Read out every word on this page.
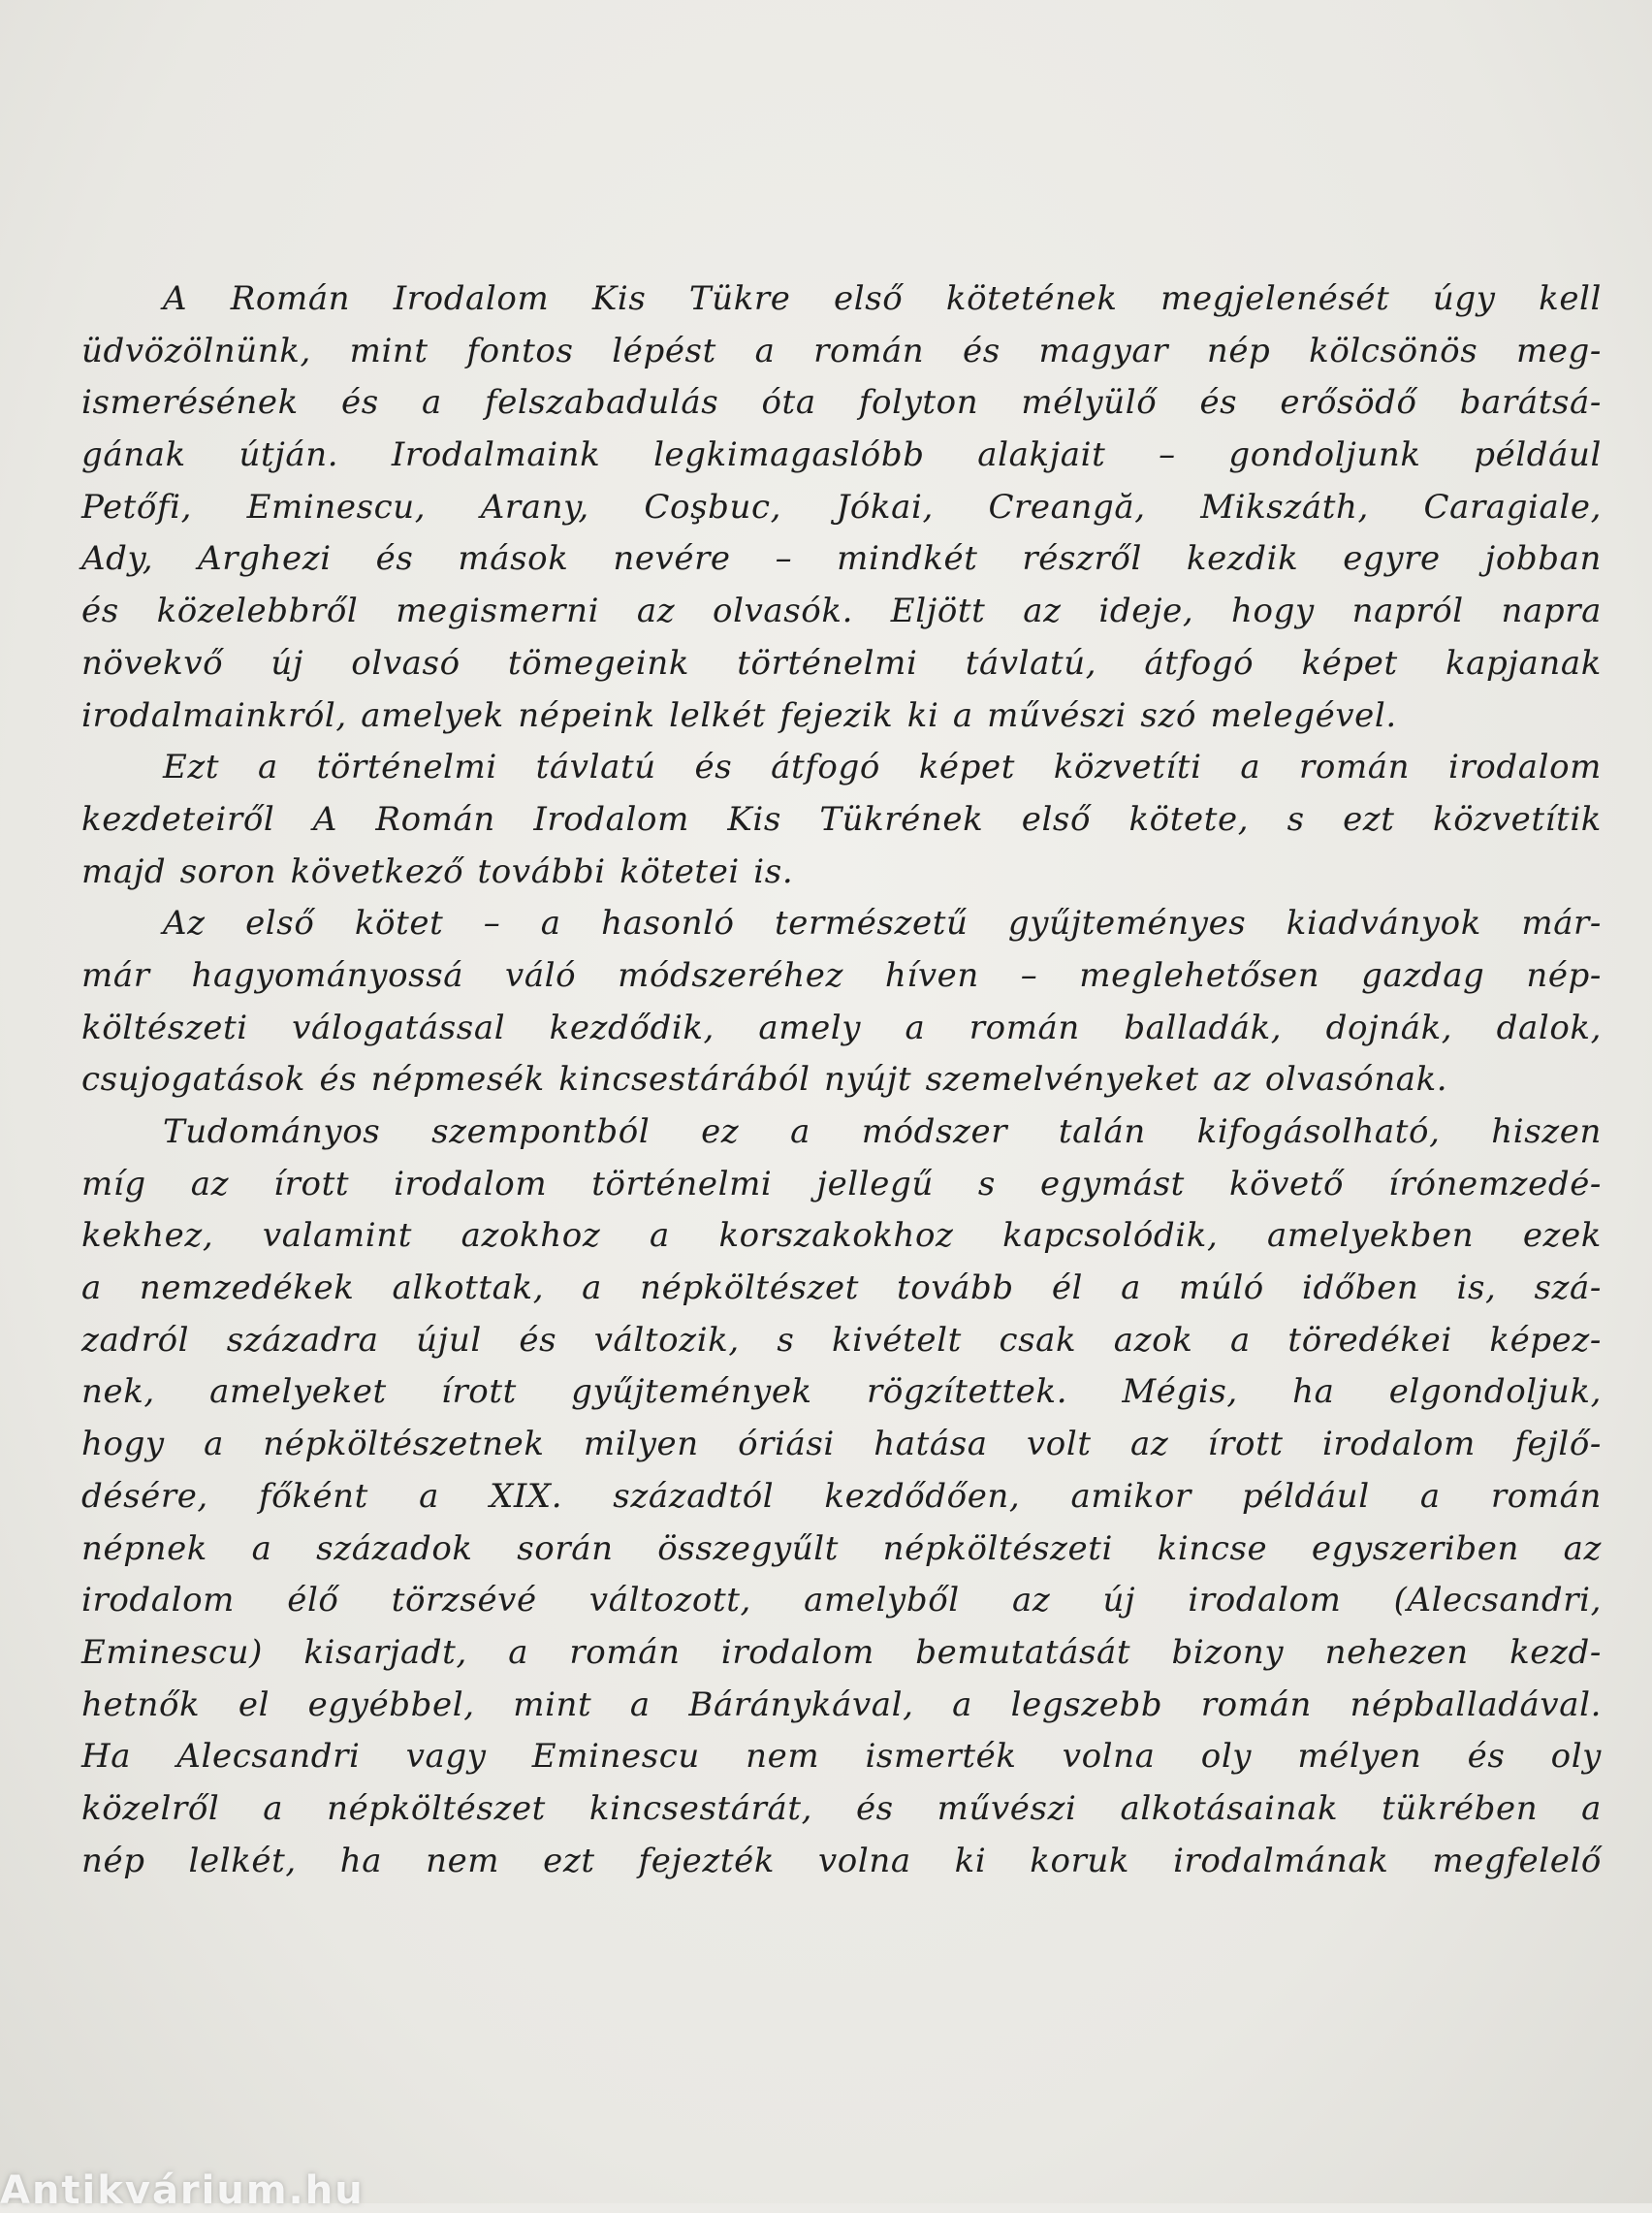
A Román Irodalom Kis Tükre első kötetének megjelenését úgy kell
üdvözölnünk, mint fontos lépést a román és magyar nép kölcsönös meg-
ismerésének és a felszabadulás óta folyton mélyülő és erősödő barátsá-
gának útján. Irodalmaink legkimagaslóbb alakjait – gondoljunk például
Petőfi, Eminescu, Arany, Coşbuc, Jókai, Creangă, Mikszáth, Caragiale,
Ady, Arghezi és mások nevére – mindkét részről kezdik egyre jobban
és közelebbről megismerni az olvasók. Eljött az ideje, hogy napról napra
növekvő új olvasó tömegeink történelmi távlatú, átfogó képet kapjanak
irodalmainkról, amelyek népeink lelkét fejezik ki a művészi szó melegével.
Ezt a történelmi távlatú és átfogó képet közvetíti a román irodalom
kezdeteiről A Román Irodalom Kis Tükrének első kötete, s ezt közvetítik
majd soron következő további kötetei is.
Az első kötet – a hasonló természetű gyűjteményes kiadványok már-
már hagyományossá váló módszeréhez híven – meglehetősen gazdag nép-
költészeti válogatással kezdődik, amely a román balladák, dojnák, dalok,
csujogatások és népmesék kincsestárából nyújt szemelvényeket az olvasónak.
Tudományos szempontból ez a módszer talán kifogásolható, hiszen
míg az írott irodalom történelmi jellegű s egymást követő írónemzedé-
kekhez, valamint azokhoz a korszakokhoz kapcsolódik, amelyekben ezek
a nemzedékek alkottak, a népköltészet tovább él a múló időben is, szá-
zadról századra újul és változik, s kivételt csak azok a töredékei képez-
nek, amelyeket írott gyűjtemények rögzítettek. Mégis, ha elgondoljuk,
hogy a népköltészetnek milyen óriási hatása volt az írott irodalom fejlő-
désére, főként a XIX. századtól kezdődően, amikor például a román
népnek a századok során összegyűlt népköltészeti kincse egyszeriben az
irodalom élő törzsévé változott, amelyből az új irodalom (Alecsandri,
Eminescu) kisarjadt, a román irodalom bemutatását bizony nehezen kezd-
hetnők el egyébbel, mint a Báránykával, a legszebb román népballadával.
Ha Alecsandri vagy Eminescu nem ismerték volna oly mélyen és oly
közelről a népköltészet kincsestárát, és művészi alkotásainak tükrében a
nép lelkét, ha nem ezt fejezték volna ki koruk irodalmának megfelelő
Antikvárium.hu
